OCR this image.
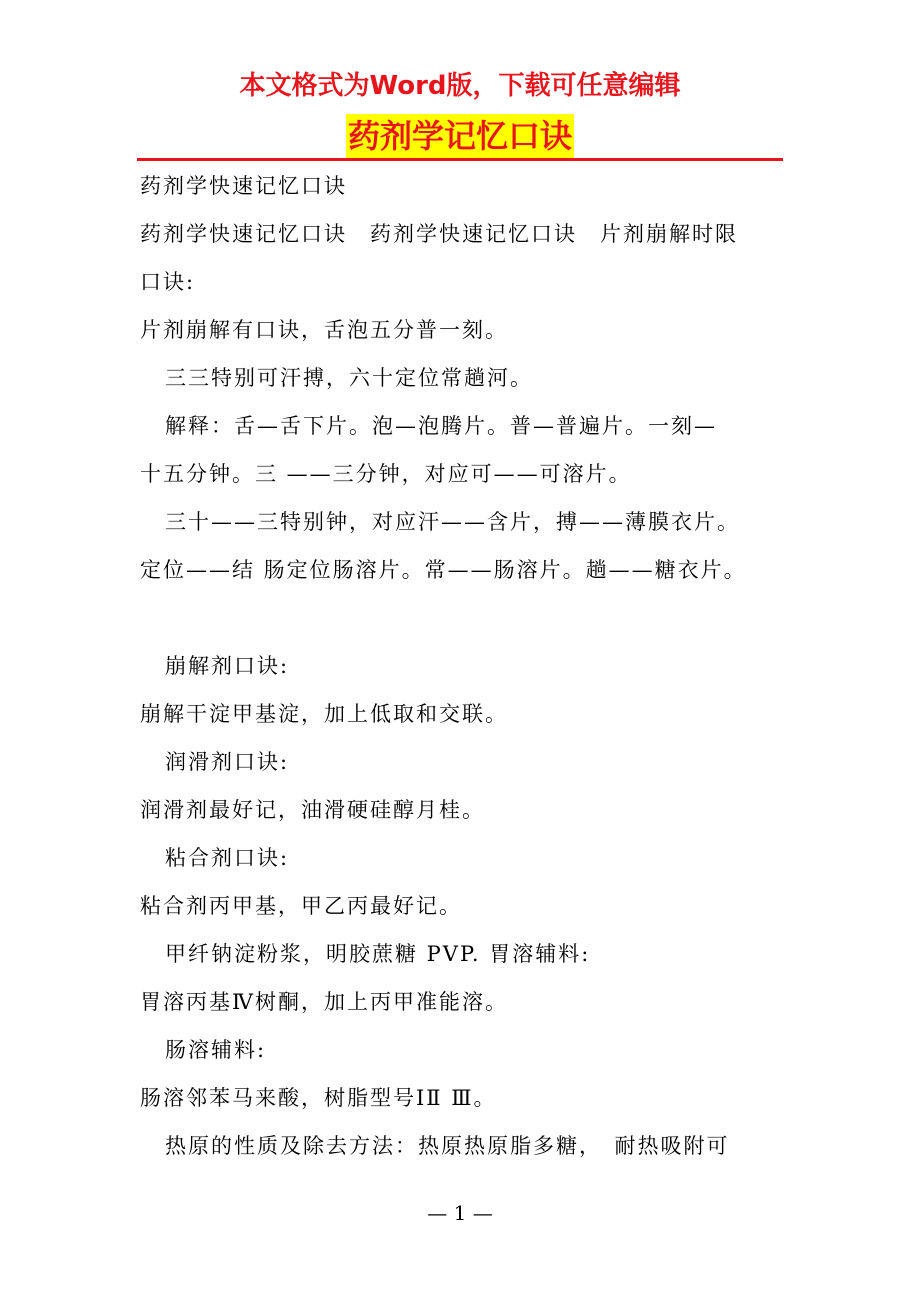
本文格式为Word版，下载可任意编辑
药剂学记忆口诀
药剂学快速记忆口诀
药剂学快速记忆口诀　药剂学快速记忆口诀　片剂崩解时限
口诀:
片剂崩解有口诀，舌泡五分普一刻。
三三特别可汗搏，六十定位常趟河。
解释：舌—舌下片。泡—泡腾片。普—普遍片。一刻—
十五分钟。三 ——三分钟，对应可——可溶片。
三十——三特别钟，对应汗——含片，搏——薄膜衣片。
定位——结 肠定位肠溶片。常——肠溶片。趟——糖衣片。
崩解剂口诀:
崩解干淀甲基淀，加上低取和交联。
润滑剂口诀:
润滑剂最好记，油滑硬硅醇月桂。
粘合剂口诀:
粘合剂丙甲基，甲乙丙最好记。
甲纤钠淀粉浆，明胶蔗糖 PVP. 胃溶辅料:
胃溶丙基Ⅳ树酮，加上丙甲准能溶。
肠溶辅料:
肠溶邻苯马来酸，树脂型号ⅠⅡ Ⅲ。
热原的性质及除去方法：热原热原脂多糖，　耐热吸附可
— 1 —
